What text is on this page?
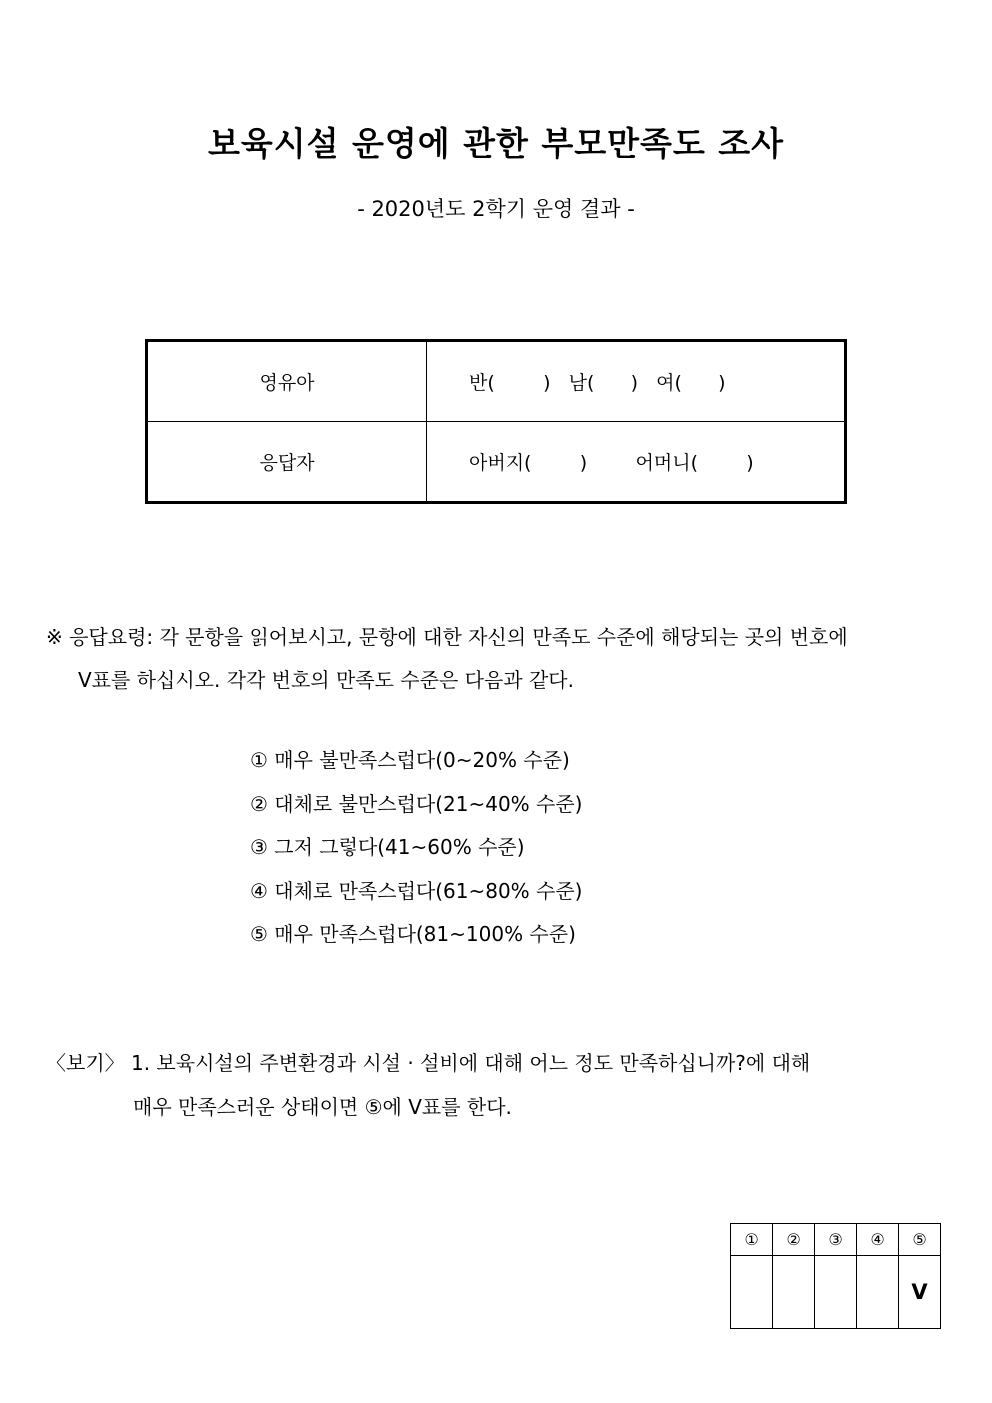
보육시설 운영에 관한 부모만족도 조사
- 2020년도 2학기 운영 결과 -
영유아	반(        )   남(      )   여(      )
응답자	아버지(        )        어머니(        )
※ 응답요령: 각 문항을 읽어보시고, 문항에 대한 자신의 만족도 수준에 해당되는 곳의 번호에
V표를 하십시오. 각각 번호의 만족도 수준은 다음과 같다.
① 매우 불만족스럽다(0~20% 수준)
② 대체로 불만스럽다(21~40% 수준)
③ 그저 그렇다(41~60% 수준)
④ 대체로 만족스럽다(61~80% 수준)
⑤ 매우 만족스럽다(81~100% 수준)
〈보기〉 1. 보육시설의 주변환경과 시설 · 설비에 대해 어느 정도 만족하십니까?에 대해
매우 만족스러운 상태이면 ⑤에 V표를 한다.
①	②	③	④	⑤
				V
